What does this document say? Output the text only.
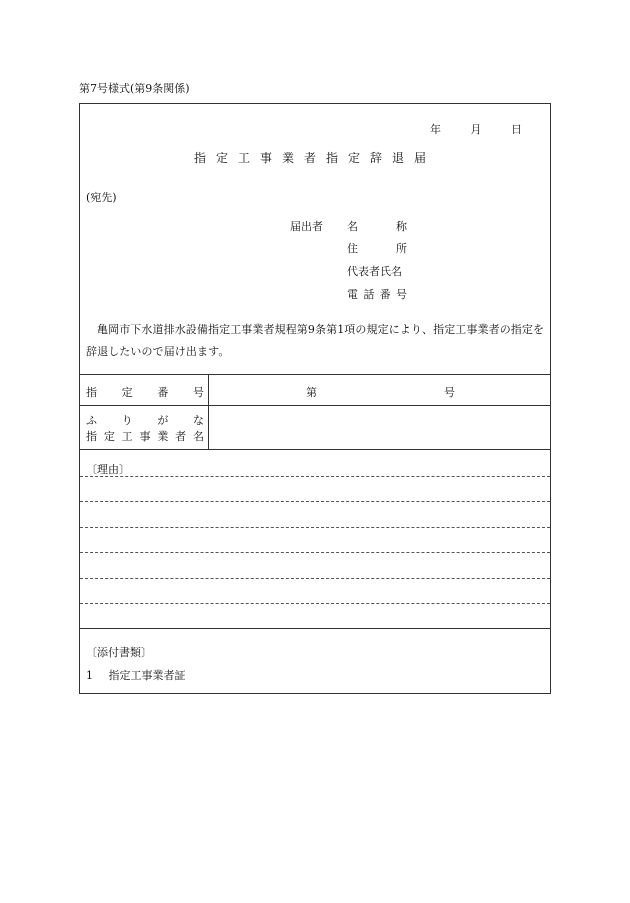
第7号様式(第9条関係)
年	月	日
指定工事業者指定辞退届
(宛先)
届出者 名	称
住	所
代表者氏名
電 話 番 号
亀岡市下水道排水設備指定工事業者規程第9条第1項の規定により、指定工事業者の指定を辞退したいので届け出ます。
指 定 番 号	第	号
ふ り が な
指 定 工 事 業 者 名
〔理由〕
〔添付書類〕
1 指定工事業者証
